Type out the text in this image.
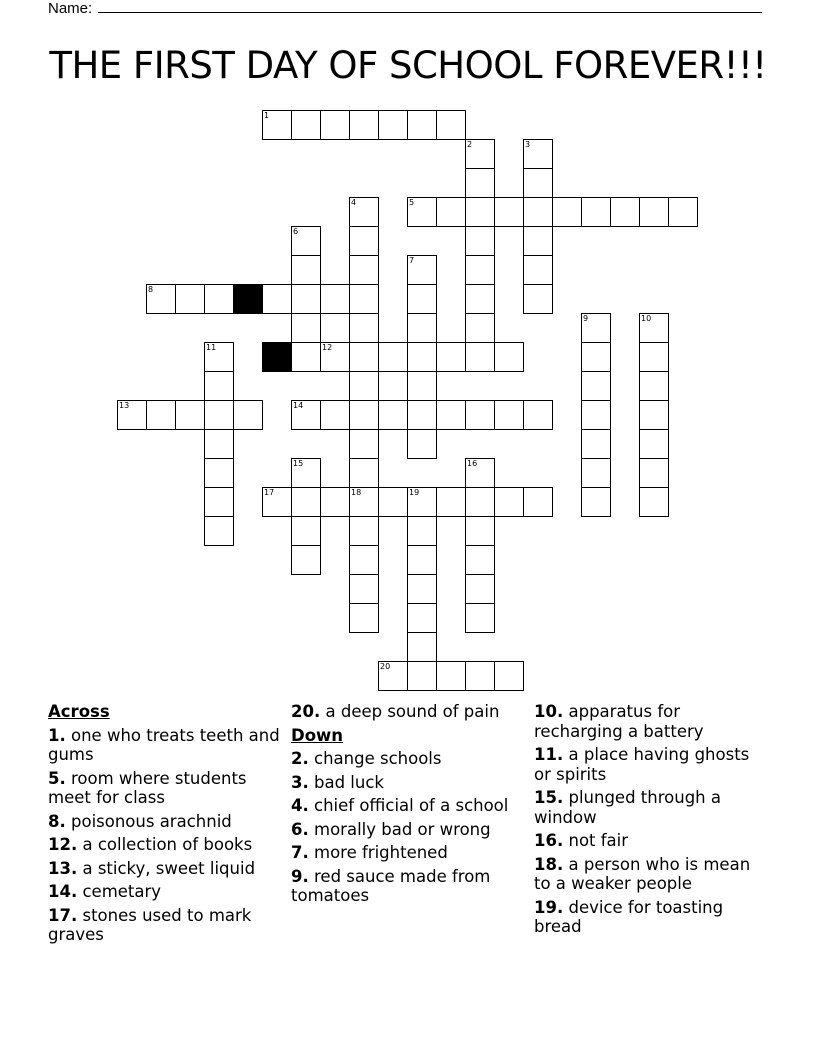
Name:
THE FIRST DAY OF SCHOOL FOREVER!!!
1
2	3
4	5
6
7
8
9	10
11	12
13	14
15	16
17	18	19
20
Across
1. one who treats teeth and gums
5. room where students meet for class
8. poisonous arachnid
12. a collection of books
13. a sticky, sweet liquid
14. cemetary
17. stones used to mark graves
20. a deep sound of pain
Down
2. change schools
3. bad luck
4. chief official of a school
6. morally bad or wrong
7. more frightened
9. red sauce made from tomatoes
10. apparatus for recharging a battery
11. a place having ghosts or spirits
15. plunged through a window
16. not fair
18. a person who is mean to a weaker people
19. device for toasting bread
